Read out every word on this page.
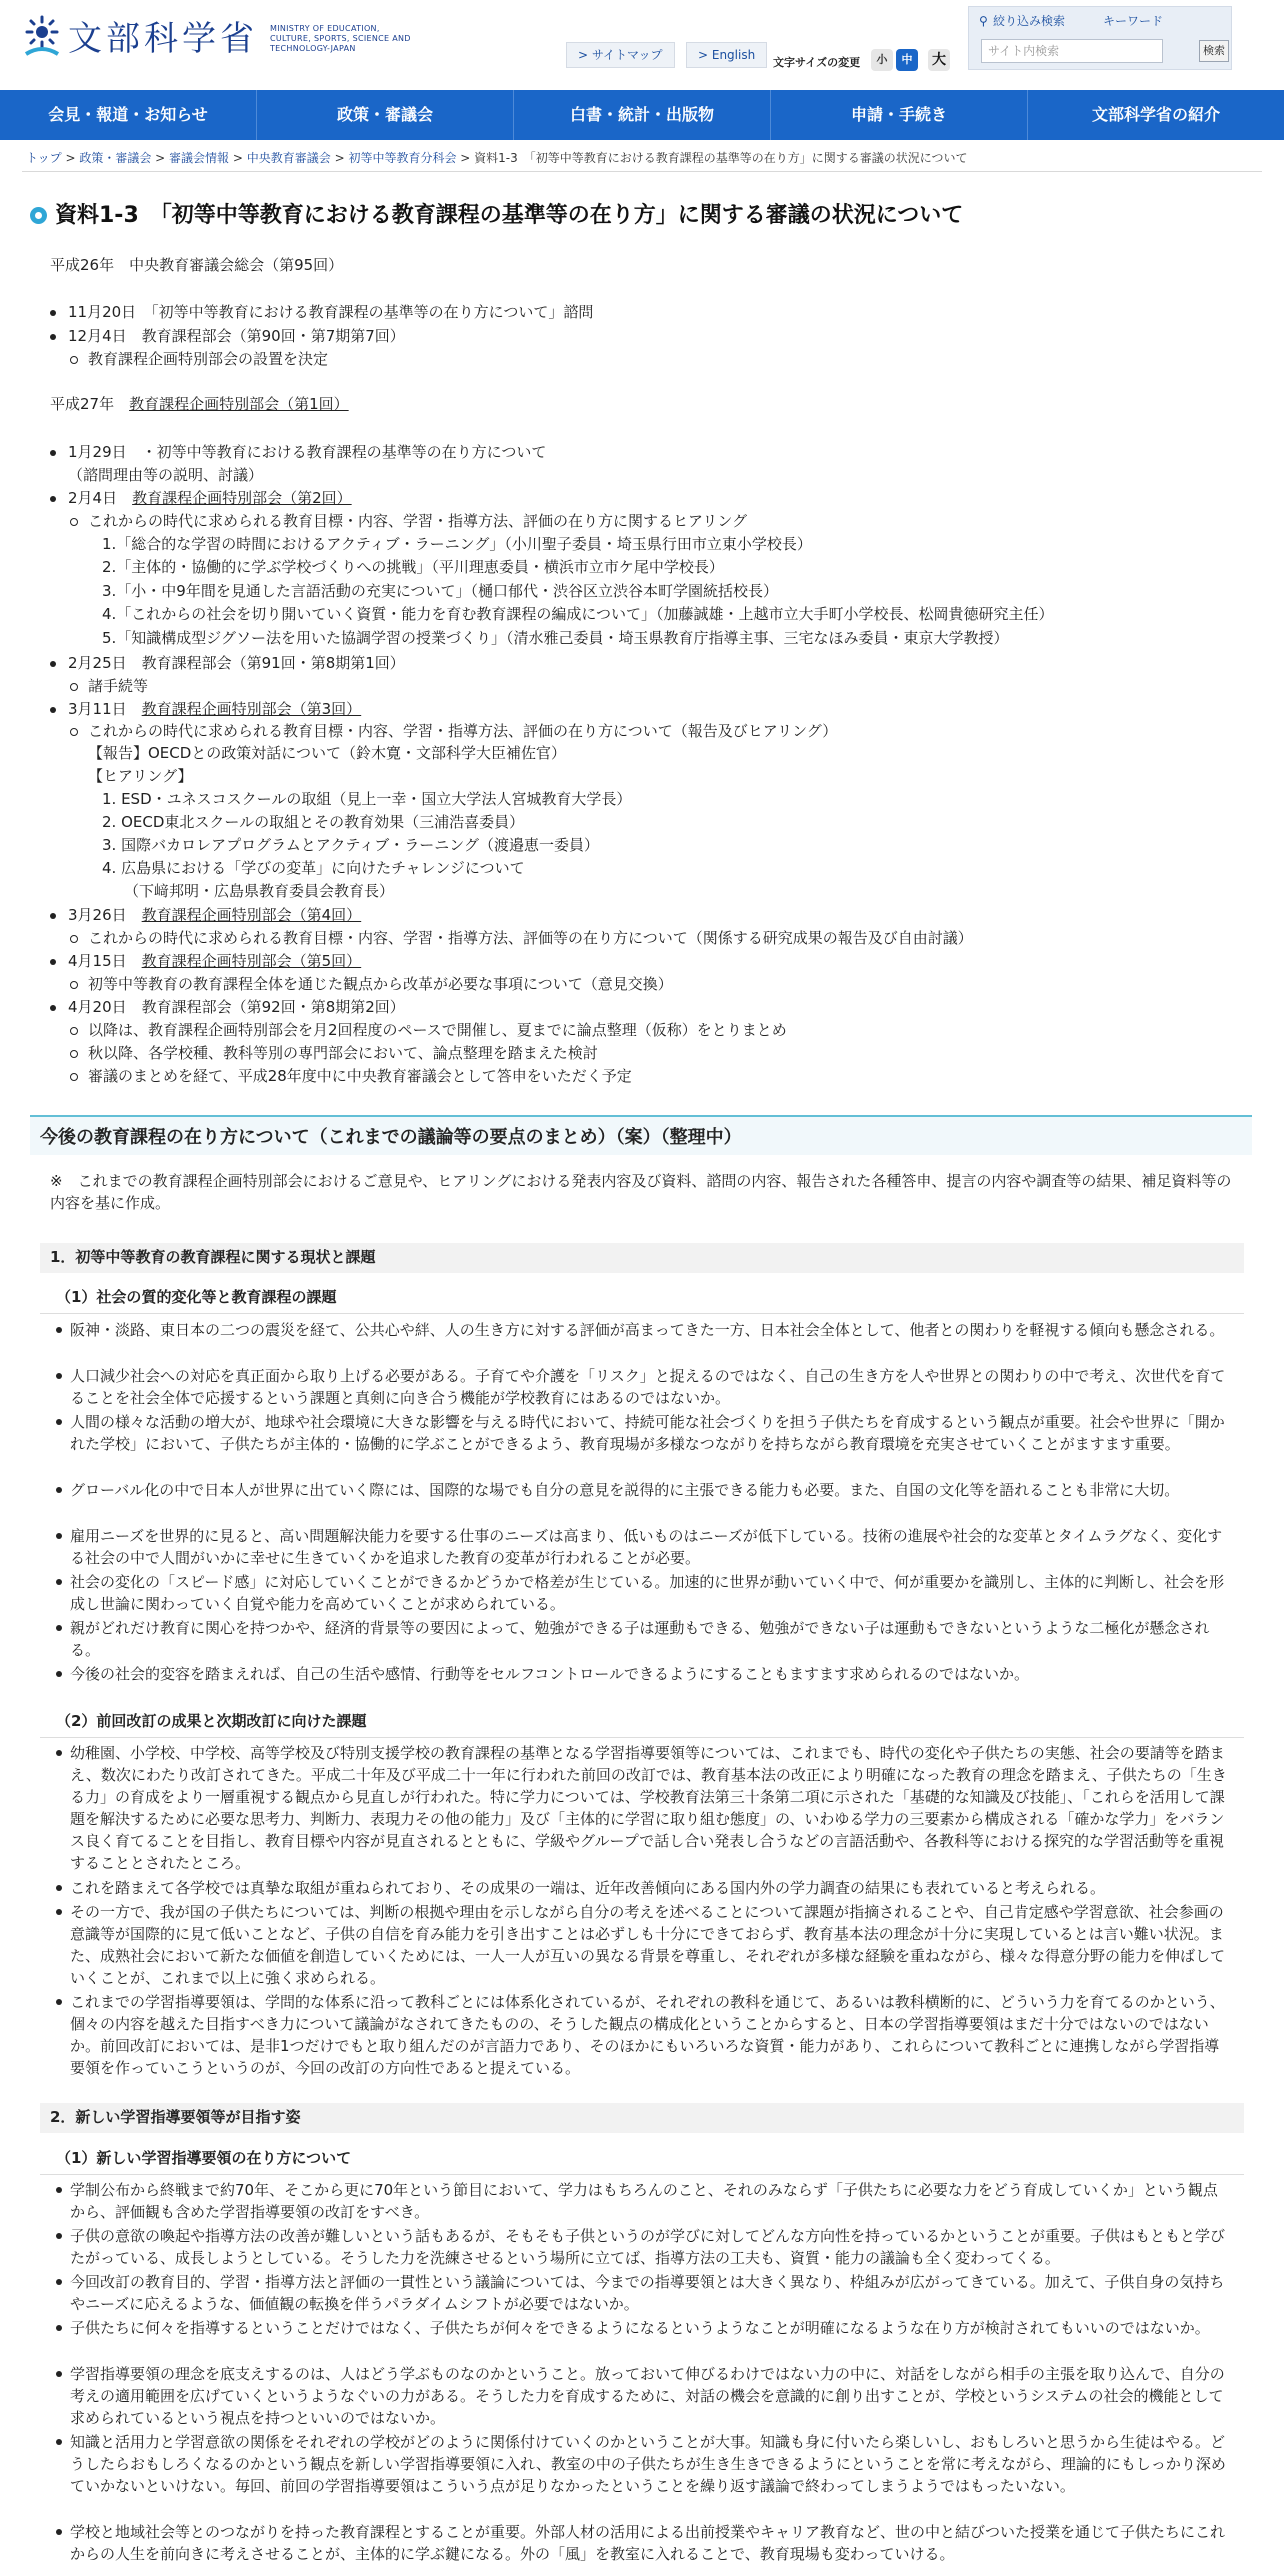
文部科学省 MINISTRY OF EDUCATION, CULTURE, SPORTS, SCIENCE AND TECHNOLOGY-JAPAN	> サイトマップ	> English
文字サイズの変更	小	中	大
⚲ 絞り込み検索	キーワード
サイト内検索	検索
会見・報道・お知らせ	政策・審議会	白書・統計・出版物	申請・手続き	文部科学省の紹介
トップ > 政策・審議会 > 審議会情報 > 中央教育審議会 > 初等中等教育分科会 > 資料1-3　「初等中等教育における教育課程の基準等の在り方」に関する審議の状況について
資料1-3　「初等中等教育における教育課程の基準等の在り方」に関する審議の状況について
平成26年　中央教育審議会総会（第95回）
11月20日　「初等中等教育における教育課程の基準等の在り方について」諮問
12月4日　教育課程部会（第90回・第7期第7回）
教育課程企画特別部会の設置を決定
平成27年　教育課程企画特別部会（第1回）
1月29日　・初等中等教育における教育課程の基準等の在り方について
（諮問理由等の説明、討議）
2月4日　教育課程企画特別部会（第2回）
これからの時代に求められる教育目標・内容、学習・指導方法、評価の在り方に関するヒアリング
1.「総合的な学習の時間におけるアクティブ・ラーニング」（小川聖子委員・埼玉県行田市立東小学校長）
2.「主体的・協働的に学ぶ学校づくりへの挑戦」（平川理恵委員・横浜市立市ケ尾中学校長）
3.「小・中9年間を見通した言語活動の充実について」（樋口郁代・渋谷区立渋谷本町学園統括校長）
4.「これからの社会を切り開いていく資質・能力を育む教育課程の編成について」（加藤誠雄・上越市立大手町小学校長、松岡貴徳研究主任）
5.「知識構成型ジグソー法を用いた協調学習の授業づくり」（清水雅己委員・埼玉県教育庁指導主事、三宅なほみ委員・東京大学教授）
2月25日　教育課程部会（第91回・第8期第1回）
諸手続等
3月11日　教育課程企画特別部会（第3回）
これからの時代に求められる教育目標・内容、学習・指導方法、評価の在り方について（報告及びヒアリング）
【報告】OECDとの政策対話について（鈴木寛・文部科学大臣補佐官）
【ヒアリング】
1. ESD・ユネスコスクールの取組（見上一幸・国立大学法人宮城教育大学長）
2. OECD東北スクールの取組とその教育効果（三浦浩喜委員）
3. 国際バカロレアプログラムとアクティブ・ラーニング（渡邉恵一委員）
4. 広島県における「学びの変革」に向けたチャレンジについて
（下﨑邦明・広島県教育委員会教育長）
3月26日　教育課程企画特別部会（第4回）
これからの時代に求められる教育目標・内容、学習・指導方法、評価等の在り方について（関係する研究成果の報告及び自由討議）
4月15日　教育課程企画特別部会（第5回）
初等中等教育の教育課程全体を通じた観点から改革が必要な事項について（意見交換）
4月20日　教育課程部会（第92回・第8期第2回）
以降は、教育課程企画特別部会を月2回程度のペースで開催し、夏までに論点整理（仮称）をとりまとめ
秋以降、各学校種、教科等別の専門部会において、論点整理を踏まえた検討
審議のまとめを経て、平成28年度中に中央教育審議会として答申をいただく予定
今後の教育課程の在り方について（これまでの議論等の要点のまとめ）（案）（整理中）
※　これまでの教育課程企画特別部会におけるご意見や、ヒアリングにおける発表内容及び資料、諮問の内容、報告された各種答申、提言の内容や調査等の結果、補足資料等の内容を基に作成。
1．初等中等教育の教育課程に関する現状と課題
（1）社会の質的変化等と教育課程の課題
阪神・淡路、東日本の二つの震災を経て、公共心や絆、人の生き方に対する評価が高まってきた一方、日本社会全体として、他者との関わりを軽視する傾向も懸念される。
人口減少社会への対応を真正面から取り上げる必要がある。子育てや介護を「リスク」と捉えるのではなく、自己の生き方を人や世界との関わりの中で考え、次世代を育てることを社会全体で応援するという課題と真剣に向き合う機能が学校教育にはあるのではないか。
人間の様々な活動の増大が、地球や社会環境に大きな影響を与える時代において、持続可能な社会づくりを担う子供たちを育成するという観点が重要。社会や世界に「開かれた学校」において、子供たちが主体的・協働的に学ぶことができるよう、教育現場が多様なつながりを持ちながら教育環境を充実させていくことがますます重要。
グローバル化の中で日本人が世界に出ていく際には、国際的な場でも自分の意見を説得的に主張できる能力も必要。また、自国の文化等を語れることも非常に大切。
雇用ニーズを世界的に見ると、高い問題解決能力を要する仕事のニーズは高まり、低いものはニーズが低下している。技術の進展や社会的な変革とタイムラグなく、変化する社会の中で人間がいかに幸せに生きていくかを追求した教育の変革が行われることが必要。
社会の変化の「スピード感」に対応していくことができるかどうかで格差が生じている。加速的に世界が動いていく中で、何が重要かを識別し、主体的に判断し、社会を形成し世論に関わっていく自覚や能力を高めていくことが求められている。
親がどれだけ教育に関心を持つかや、経済的背景等の要因によって、勉強ができる子は運動もできる、勉強ができない子は運動もできないというような二極化が懸念される。
今後の社会的変容を踏まえれば、自己の生活や感情、行動等をセルフコントロールできるようにすることもますます求められるのではないか。
（2）前回改訂の成果と次期改訂に向けた課題
幼稚園、小学校、中学校、高等学校及び特別支援学校の教育課程の基準となる学習指導要領等については、これまでも、時代の変化や子供たちの実態、社会の要請等を踏まえ、数次にわたり改訂されてきた。平成二十年及び平成二十一年に行われた前回の改訂では、教育基本法の改正により明確になった教育の理念を踏まえ、子供たちの「生きる力」の育成をより一層重視する観点から見直しが行われた。特に学力については、学校教育法第三十条第二項に示された「基礎的な知識及び技能」、「これらを活用して課題を解決するために必要な思考力、判断力、表現力その他の能力」及び「主体的に学習に取り組む態度」の、いわゆる学力の三要素から構成される「確かな学力」をバランス良く育てることを目指し、教育目標や内容が見直されるとともに、学級やグループで話し合い発表し合うなどの言語活動や、各教科等における探究的な学習活動等を重視することとされたところ。
これを踏まえて各学校では真摯な取組が重ねられており、その成果の一端は、近年改善傾向にある国内外の学力調査の結果にも表れていると考えられる。
その一方で、我が国の子供たちについては、判断の根拠や理由を示しながら自分の考えを述べることについて課題が指摘されることや、自己肯定感や学習意欲、社会参画の意識等が国際的に見て低いことなど、子供の自信を育み能力を引き出すことは必ずしも十分にできておらず、教育基本法の理念が十分に実現しているとは言い難い状況。また、成熟社会において新たな価値を創造していくためには、一人一人が互いの異なる背景を尊重し、それぞれが多様な経験を重ねながら、様々な得意分野の能力を伸ばしていくことが、これまで以上に強く求められる。
これまでの学習指導要領は、学問的な体系に沿って教科ごとには体系化されているが、それぞれの教科を通じて、あるいは教科横断的に、どういう力を育てるのかという、個々の内容を越えた目指すべき力について議論がなされてきたものの、そうした観点の構成化ということからすると、日本の学習指導要領はまだ十分ではないのではないか。前回改訂においては、是非1つだけでもと取り組んだのが言語力であり、そのほかにもいろいろな資質・能力があり、これらについて教科ごとに連携しながら学習指導要領を作っていこうというのが、今回の改訂の方向性であると提えている。
2．新しい学習指導要領等が目指す姿
（1）新しい学習指導要領の在り方について
学制公布から終戦まで約70年、そこから更に70年という節目において、学力はもちろんのこと、それのみならず「子供たちに必要な力をどう育成していくか」という観点から、評価観も含めた学習指導要領の改訂をすべき。
子供の意欲の喚起や指導方法の改善が難しいという話もあるが、そもそも子供というのが学びに対してどんな方向性を持っているかということが重要。子供はもともと学びたがっている、成長しようとしている。そうした力を洗練させるという場所に立てば、指導方法の工夫も、資質・能力の議論も全く変わってくる。
今回改訂の教育目的、学習・指導方法と評価の一貫性という議論については、今までの指導要領とは大きく異なり、枠組みが広がってきている。加えて、子供自身の気持ちやニーズに応えるような、価値観の転換を伴うパラダイムシフトが必要ではないか。
子供たちに何々を指導するということだけではなく、子供たちが何々をできるようになるというようなことが明確になるような在り方が検討されてもいいのではないか。
学習指導要領の理念を底支えするのは、人はどう学ぶものなのかということ。放っておいて伸びるわけではない力の中に、対話をしながら相手の主張を取り込んで、自分の考えの適用範囲を広げていくというようなぐいの力がある。そうした力を育成するために、対話の機会を意識的に創り出すことが、学校というシステムの社会的機能として求められているという視点を持つといいのではないか。
知識と活用力と学習意欲の関係をそれぞれの学校がどのように関係付けていくのかということが大事。知識も身に付いたら楽しいし、おもしろいと思うから生徒はやる。どうしたらおもしろくなるのかという観点を新しい学習指導要領に入れ、教室の中の子供たちが生き生きできるようにということを常に考えながら、理論的にもしっかり深めていかないといけない。毎回、前回の学習指導要領はこういう点が足りなかったということを繰り返す議論で終わってしまうようではもったいない。
学校と地域社会等とのつながりを持った教育課程とすることが重要。外部人材の活用による出前授業やキャリア教育など、世の中と結びついた授業を通じて子供たちにこれからの人生を前向きに考えさせることが、主体的に学ぶ鍵になる。外の「風」を教室に入れることで、教育現場も変わっていける。
